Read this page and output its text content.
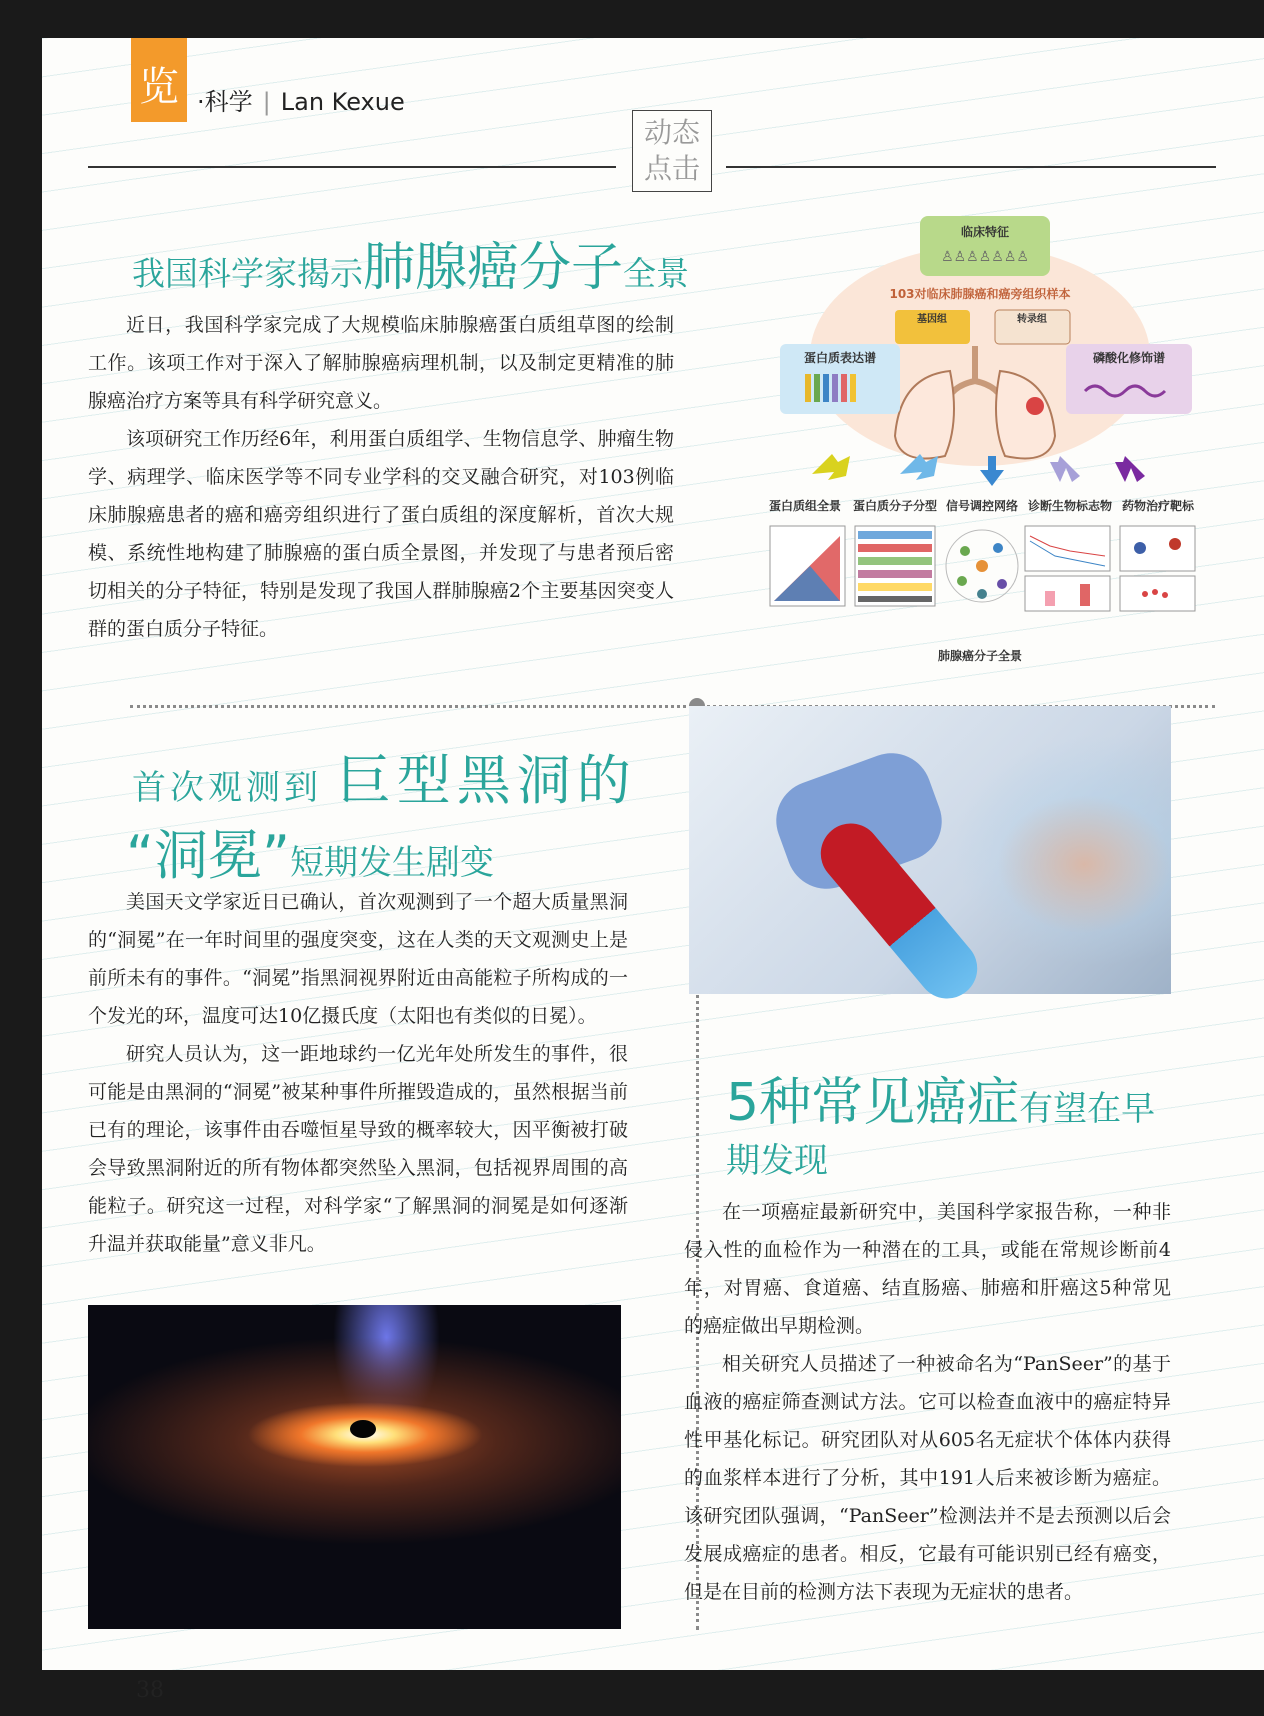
览 ·科学 | Lan Kexue
动态
点击
我国科学家揭示肺腺癌分子全景

近日，我国科学家完成了大规模临床肺腺癌蛋白质组草图的绘制工作。该项工作对于深入了解肺腺癌病理机制，以及制定更精准的肺腺癌治疗方案等具有科学研究意义。

该项研究工作历经6年，利用蛋白质组学、生物信息学、肿瘤生物学、病理学、临床医学等不同专业学科的交叉融合研究，对103例临床肺腺癌患者的癌和癌旁组织进行了蛋白质组的深度解析，首次大规模、系统性地构建了肺腺癌的蛋白质全景图，并发现了与患者预后密切相关的分子特征，特别是发现了我国人群肺腺癌2个主要基因突变人群的蛋白质分子特征。

临床特征
♙♙♙♙♙♙♙
103对临床肺腺癌和癌旁组织样本
基因组	转录组
蛋白质表达谱	磷酸化修饰谱
蛋白质组全景 蛋白质分子分型 信号调控网络 诊断生物标志物 药物治疗靶标
肺腺癌分子全景
首次观测到 巨型黑洞的
“洞冕”短期发生剧变

美国天文学家近日已确认，首次观测到了一个超大质量黑洞的“洞冕”在一年时间里的强度突变，这在人类的天文观测史上是前所未有的事件。“洞冕”指黑洞视界附近由高能粒子所构成的一个发光的环，温度可达10亿摄氏度（太阳也有类似的日冕）。

研究人员认为，这一距地球约一亿光年处所发生的事件，很可能是由黑洞的“洞冕”被某种事件所摧毁造成的，虽然根据当前已有的理论，该事件由吞噬恒星导致的概率较大，因平衡被打破会导致黑洞附近的所有物体都突然坠入黑洞，包括视界周围的高能粒子。研究这一过程，对科学家“了解黑洞的洞冕是如何逐渐升温并获取能量”意义非凡。

5种常见癌症有望在早
期发现

在一项癌症最新研究中，美国科学家报告称，一种非侵入性的血检作为一种潜在的工具，或能在常规诊断前4年，对胃癌、食道癌、结直肠癌、肺癌和肝癌这5种常见的癌症做出早期检测。

相关研究人员描述了一种被命名为“PanSeer”的基于血液的癌症筛查测试方法。它可以检查血液中的癌症特异性甲基化标记。研究团队对从605名无症状个体体内获得的血浆样本进行了分析，其中191人后来被诊断为癌症。该研究团队强调，“PanSeer”检测法并不是去预测以后会发展成癌症的患者。相反，它最有可能识别已经有癌变，但是在目前的检测方法下表现为无症状的患者。

38
